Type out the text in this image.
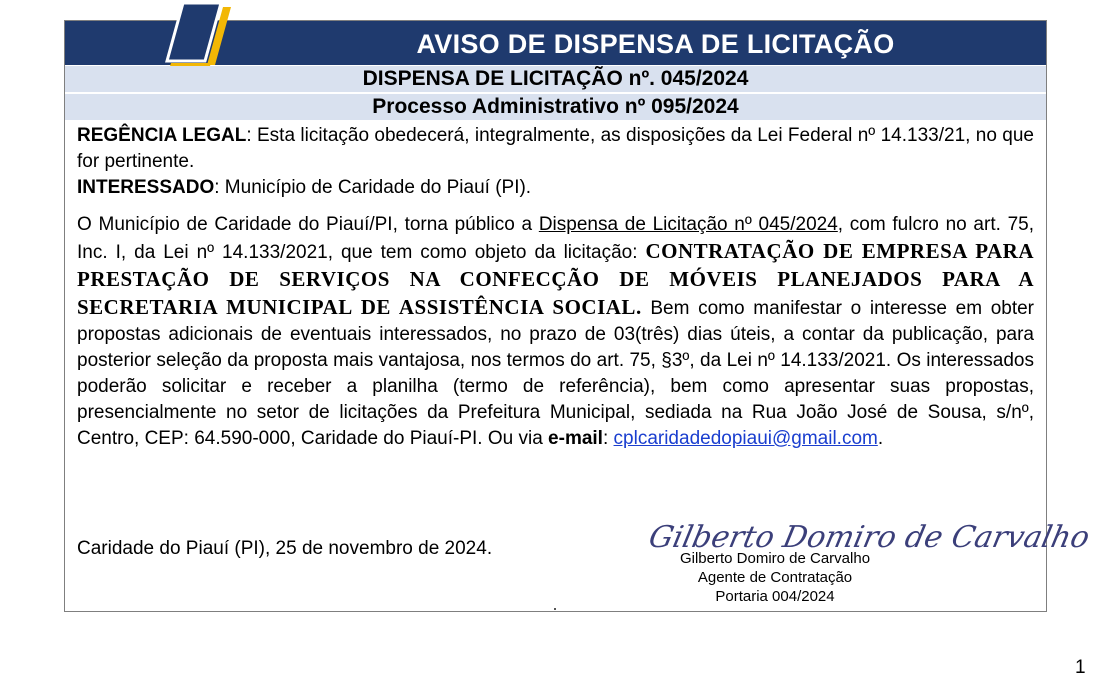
AVISO DE DISPENSA DE LICITAÇÃO
DISPENSA DE LICITAÇÃO nº. 045/2024
Processo Administrativo nº 095/2024

REGÊNCIA LEGAL: Esta licitação obedecerá, integralmente, as disposições da Lei Federal nº 14.133/21, no que for pertinente.

INTERESSADO: Município de Caridade do Piauí (PI).

O Município de Caridade do Piauí/PI, torna público a Dispensa de Licitação nº 045/2024, com fulcro no art. 75, Inc. I, da Lei nº 14.133/2021, que tem como objeto da licitação: CONTRATAÇÃO DE EMPRESA PARA PRESTAÇÃO DE SERVIÇOS NA CONFECÇÃO DE MÓVEIS PLANEJADOS PARA A SECRETARIA MUNICIPAL DE ASSISTÊNCIA SOCIAL. Bem como manifestar o interesse em obter propostas adicionais de eventuais interessados, no prazo de 03(três) dias úteis, a contar da publicação, para posterior seleção da proposta mais vantajosa, nos termos do art. 75, §3º, da Lei nº 14.133/2021. Os interessados poderão solicitar e receber a planilha (termo de referência), bem como apresentar suas propostas, presencialmente no setor de licitações da Prefeitura Municipal, sediada na Rua João José de Sousa, s/nº, Centro, CEP: 64.590-000, Caridade do Piauí-PI. Ou via e-mail: cplcaridadedopiaui@gmail.com.

Caridade do Piauí (PI), 25 de novembro de 2024.	Gilberto Domiro de Carvalho
Gilberto Domiro de Carvalho
Agente de Contratação
Portaria 004/2024
1
